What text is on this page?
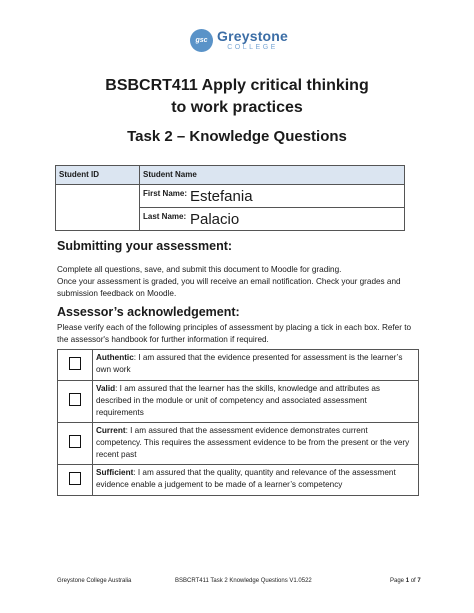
gsc Greystone
COLLEGE
BSBCRT411 Apply critical thinking
to work practices
Task 2 – Knowledge Questions
Student ID	Student Name

	First Name: Estefania

	Last Name: Palacio
Submitting your assessment:
Complete all questions, save, and submit this document to Moodle for grading.
Once your assessment is graded, you will receive an email notification. Check your grades and submission feedback on Moodle.
Assessor’s acknowledgement:
Please verify each of the following principles of assessment by placing a tick in each box. Refer to the assessor's handbook for further information if required.
	Authentic: I am assured that the evidence presented for assessment is the learner’s own work
	Valid: I am assured that the learner has the skills, knowledge and attributes as described in the module or unit of competency and associated assessment requirements
	Current: I am assured that the assessment evidence demonstrates current competency. This requires the assessment evidence to be from the present or the very recent past
	Sufficient: I am assured that the quality, quantity and relevance of the assessment evidence enable a judgement to be made of a learner’s competency
Greystone College Australia	BSBCRT411 Task 2 Knowledge Questions V1.0522	Page 1 of 7
